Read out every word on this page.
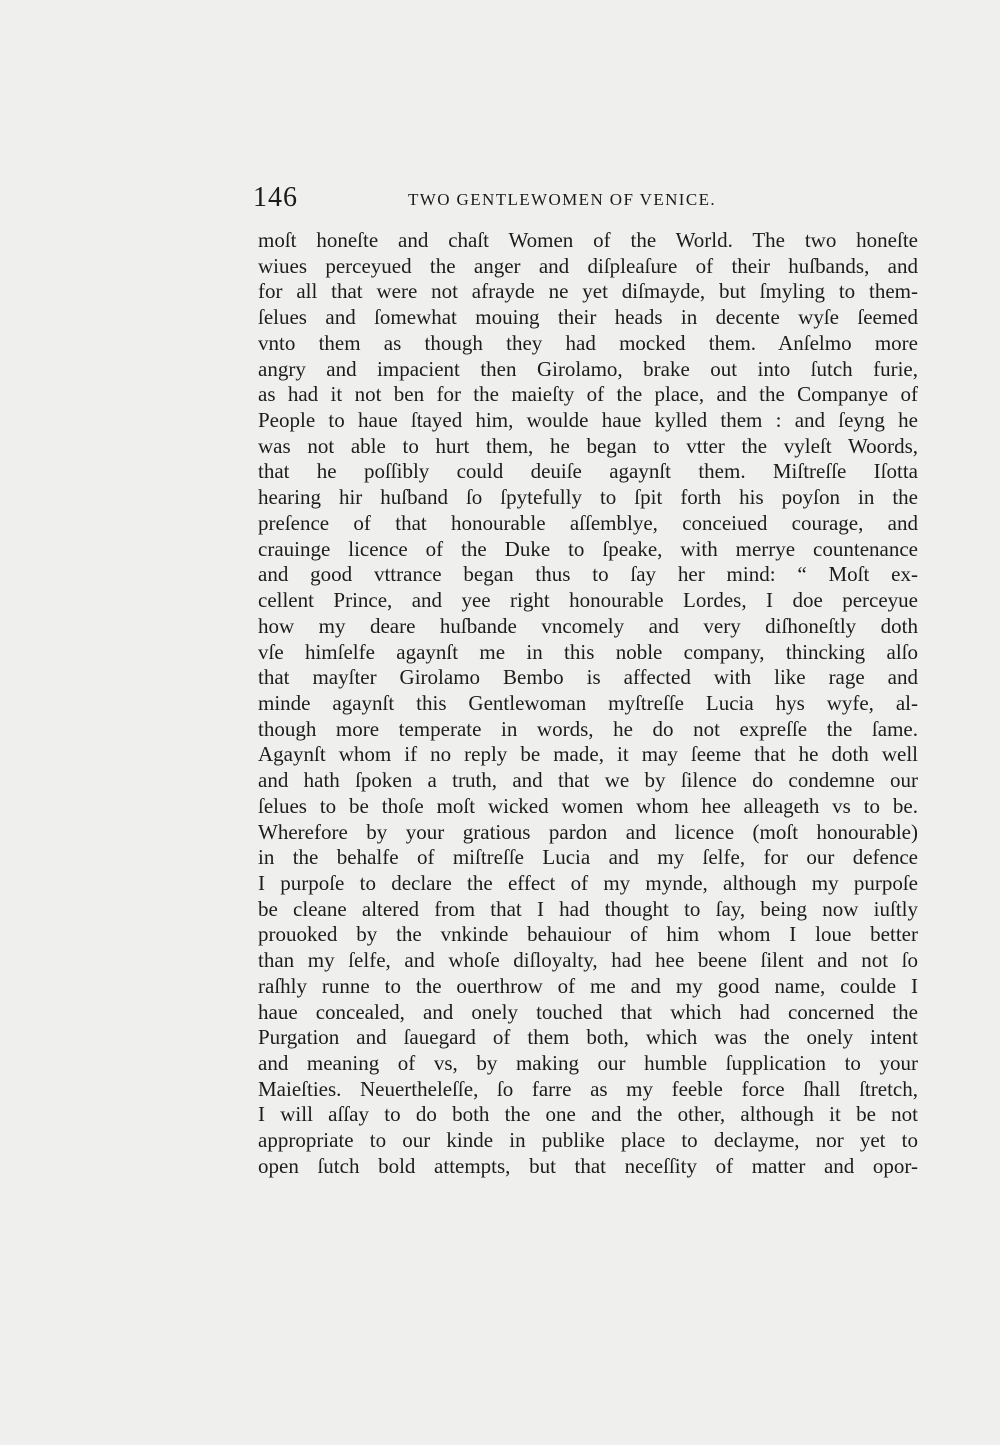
146	TWO GENTLEWOMEN OF VENICE.
moſt honeſte and chaſt Women of the World. The two honeſte
wiues perceyued the anger and diſpleaſure of their huſbands, and
for all that were not afrayde ne yet diſmayde, but ſmyling to them-
ſelues and ſomewhat mouing their heads in decente wyſe ſeemed
vnto them as though they had mocked them. Anſelmo more
angry and impacient then Girolamo, brake out into ſutch furie,
as had it not ben for the maieſty of the place, and the Companye of
People to haue ſtayed him, woulde haue kylled them : and ſeyng he
was not able to hurt them, he began to vtter the vyleſt Woords,
that he poſſibly could deuiſe agaynſt them. Miſtreſſe Iſotta
hearing hir huſband ſo ſpytefully to ſpit forth his poyſon in the
preſence of that honourable aſſemblye, conceiued courage, and
crauinge licence of the Duke to ſpeake, with merrye countenance
and good vttrance began thus to ſay her mind: “ Moſt ex-
cellent Prince, and yee right honourable Lordes, I doe perceyue
how my deare huſbande vncomely and very diſhoneſtly doth
vſe himſelfe agaynſt me in this noble company, thincking alſo
that mayſter Girolamo Bembo is affected with like rage and
minde agaynſt this Gentlewoman myſtreſſe Lucia hys wyfe, al-
though more temperate in words, he do not expreſſe the ſame.
Agaynſt whom if no reply be made, it may ſeeme that he doth well
and hath ſpoken a truth, and that we by ſilence do condemne our
ſelues to be thoſe moſt wicked women whom hee alleageth vs to be.
Wherefore by your gratious pardon and licence (moſt honourable)
in the behalfe of miſtreſſe Lucia and my ſelfe, for our defence
I purpoſe to declare the effect of my mynde, although my purpoſe
be cleane altered from that I had thought to ſay, being now iuſtly
prouoked by the vnkinde behauiour of him whom I loue better
than my ſelfe, and whoſe diſloyalty, had hee beene ſilent and not ſo
raſhly runne to the ouerthrow of me and my good name, coulde I
haue concealed, and onely touched that which had concerned the
Purgation and ſauegard of them both, which was the onely intent
and meaning of vs, by making our humble ſupplication to your
Maieſties. Neuertheleſſe, ſo farre as my feeble force ſhall ſtretch,
I will aſſay to do both the one and the other, although it be not
appropriate to our kinde in publike place to declayme, nor yet to
open ſutch bold attempts, but that neceſſity of matter and opor-
